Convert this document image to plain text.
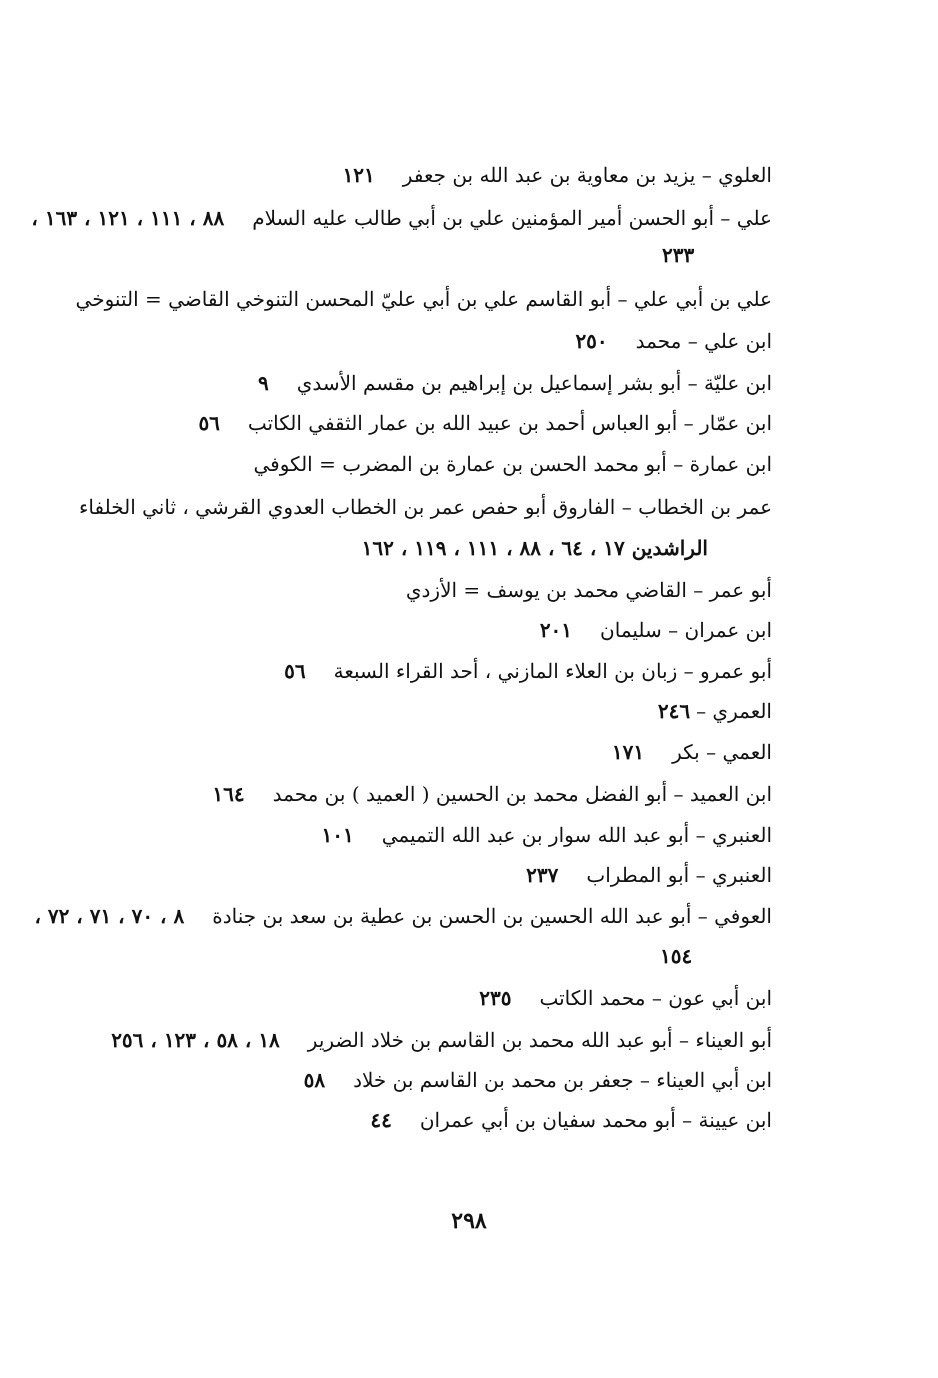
العلوي – يزيد بن معاوية بن عبد الله بن جعفر١٢١
علي – أبو الحسن أمير المؤمنين علي بن أبي طالب عليه السلام٨٨ ، ١١١ ، ١٢١ ، ١٦٣ ،
٢٣٣
علي بن أبي علي – أبو القاسم علي بن أبي عليّ المحسن التنوخي القاضي = التنوخي
ابن علي – محمد٢٥٠
ابن عليّة – أبو بشر إسماعيل بن إبراهيم بن مقسم الأسدي٩
ابن عمّار – أبو العباس أحمد بن عبيد الله بن عمار الثقفي الكاتب٥٦
ابن عمارة – أبو محمد الحسن بن عمارة بن المضرب = الكوفي
عمر بن الخطاب – الفاروق أبو حفص عمر بن الخطاب العدوي القرشي ، ثاني الخلفاء
الراشدين ١٧ ، ٦٤ ، ٨٨ ، ١١١ ، ١١٩ ، ١٦٢
أبو عمر – القاضي محمد بن يوسف = الأزدي
ابن عمران – سليمان٢٠١
أبو عمرو – زبان بن العلاء المازني ، أحد القراء السبعة٥٦
العمري –٢٤٦
العمي – بكر١٧١
ابن العميد – أبو الفضل محمد بن الحسين ( العميد ) بن محمد١٦٤
العنبري – أبو عبد الله سوار بن عبد الله التميمي١٠١
العنبري – أبو المطراب٢٣٧
العوفي – أبو عبد الله الحسين بن الحسن بن عطية بن سعد بن جنادة٨ ، ٧٠ ، ٧١ ، ٧٢ ،
١٥٤
ابن أبي عون – محمد الكاتب٢٣٥
أبو العيناء – أبو عبد الله محمد بن القاسم بن خلاد الضرير١٨ ، ٥٨ ، ١٢٣ ، ٢٥٦
ابن أبي العيناء – جعفر بن محمد بن القاسم بن خلاد٥٨
ابن عيينة – أبو محمد سفيان بن أبي عمران٤٤
٢٩٨
